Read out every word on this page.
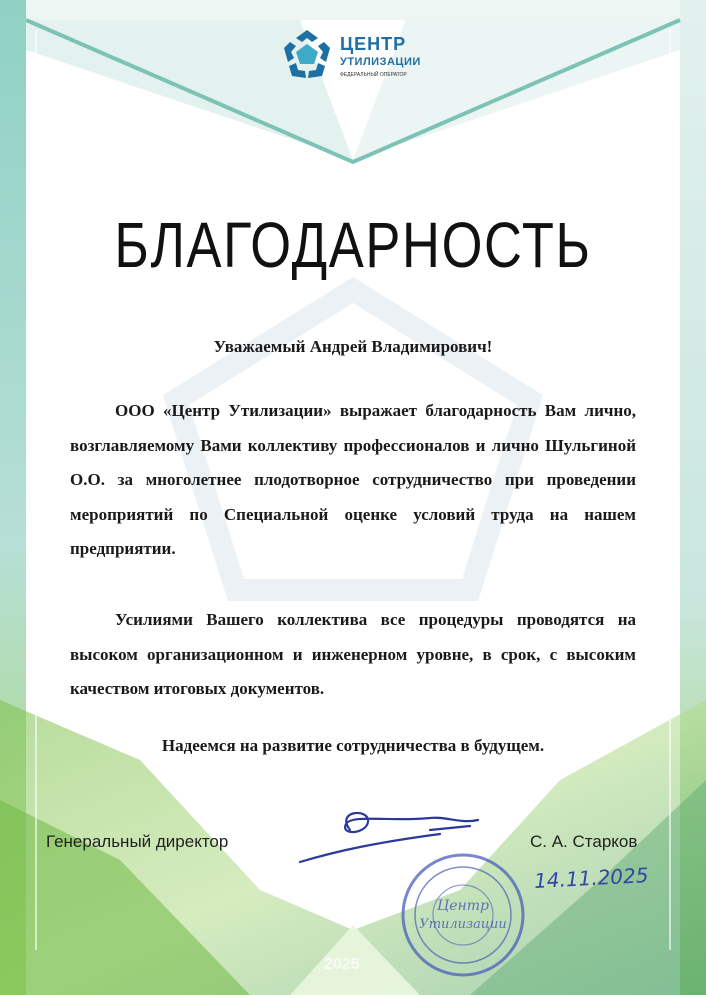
ЦЕНТР
УТИЛИЗАЦИИ
ФЕДЕРАЛЬНЫЙ ОПЕРАТОР
БЛАГОДАРНОСТЬ
Уважаемый Андрей Владимирович!

ООО «Центр Утилизации» выражает благодарность Вам лично, возглавляемому Вами коллективу профессионалов и лично Шульгиной О.О. за многолетнее плодотворное сотрудничество при проведении мероприятий по Специальной оценке условий труда на нашем предприятии.

Усилиями Вашего коллектива все процедуры проводятся на высоком организационном и инженерном уровне, в срок, с высоким качеством итоговых документов.

Надеемся на развитие сотрудничества в будущем.
Генеральный директор
Центр
Утилизации
С. А. Старков
14.11.2025
2025
